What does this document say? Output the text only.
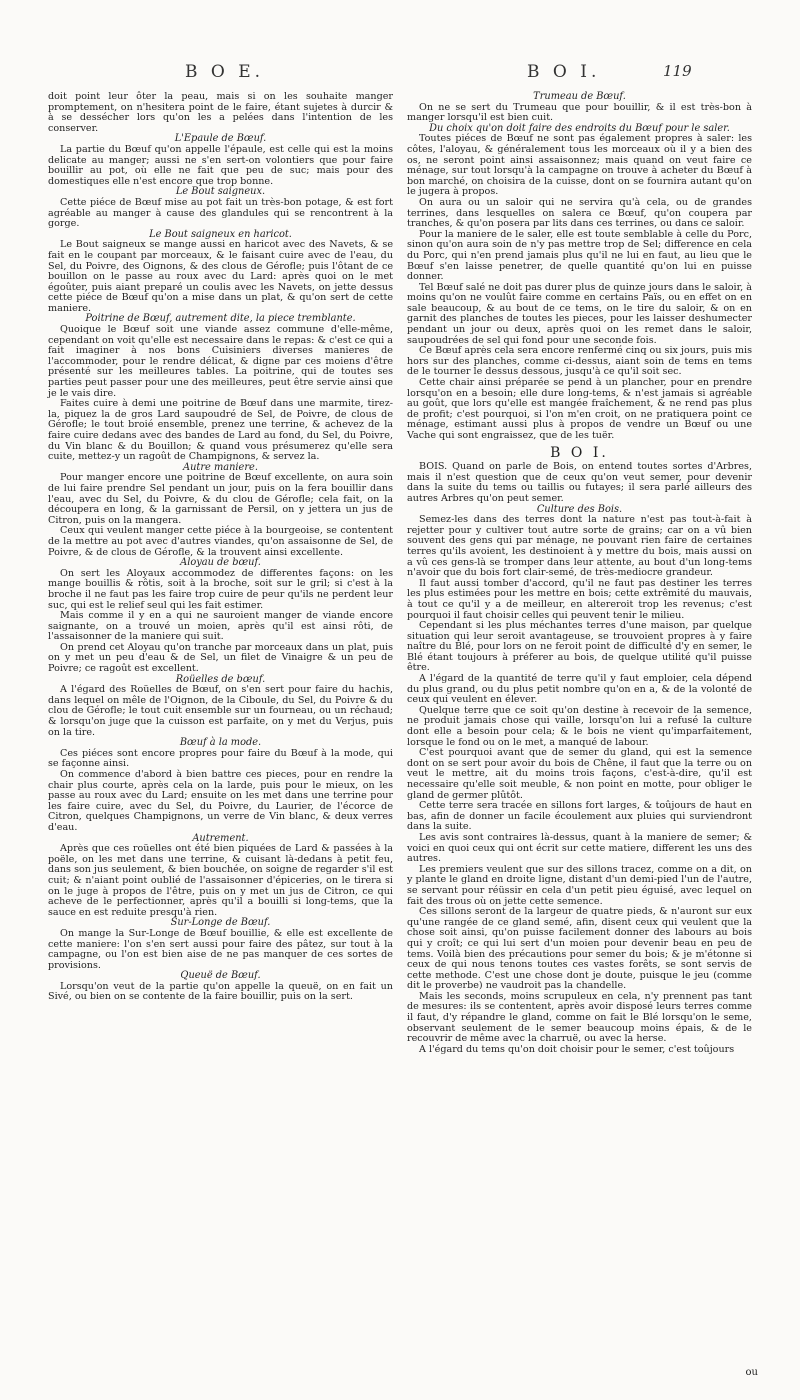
B O E.	B O I.	119

doit point leur ôter la peau, mais si on les souhaite manger promptement, on n'hesitera point de le faire, étant sujetes à durcir & à se dessécher lors qu'on les a pelées dans l'intention de les conserver.

L'Epaule de Bœuf.

La partie du Bœuf qu'on appelle l'épaule, est celle qui est la moins delicate au manger; aussi ne s'en sert-on volontiers que pour faire bouillir au pot, où elle ne fait que peu de suc; mais pour des domestiques elle n'est encore que trop bonne.

Le Bout saigneux.

Cette piéce de Bœuf mise au pot fait un très-bon potage, & est fort agréable au manger à cause des glandules qui se rencontrent à la gorge.

Le Bout saigneux en haricot.

Le Bout saigneux se mange aussi en haricot avec des Navets, & se fait en le coupant par morceaux, & le faisant cuire avec de l'eau, du Sel, du Poivre, des Oignons, & des clous de Gérofle; puis l'ôtant de ce bouillon on le passe au roux avec du Lard: après quoi on le met égoûter, puis aiant preparé un coulis avec les Navets, on jette dessus cette piéce de Bœuf qu'on a mise dans un plat, & qu'on sert de cette maniere.

Poitrine de Bœuf, autrement dite, la piece tremblante.

Quoique le Bœuf soit une viande assez commune d'elle-même, cependant on voit qu'elle est necessaire dans le repas: & c'est ce qui a fait imaginer à nos bons Cuisiniers diverses manieres de l'accommoder, pour le rendre délicat, & digne par ces moiens d'être présenté sur les meilleures tables. La poitrine, qui de toutes ses parties peut passer pour une des meilleures, peut être servie ainsi que je le vais dire.

Faites cuire à demi une poitrine de Bœuf dans une marmite, tirez-la, piquez la de gros Lard saupoudré de Sel, de Poivre, de clous de Gérofle; le tout broié ensemble, prenez une terrine, & achevez de la faire cuire dedans avec des bandes de Lard au fond, du Sel, du Poivre, du Vin blanc & du Bouillon; & quand vous présumerez qu'elle sera cuite, mettez-y un ragoût de Champignons, & servez la.

Autre maniere.

Pour manger encore une poitrine de Bœuf excellente, on aura soin de lui faire prendre Sel pendant un jour, puis on la fera bouillir dans l'eau, avec du Sel, du Poivre, & du clou de Gérofle; cela fait, on la découpera en long, & la garnissant de Persil, on y jettera un jus de Citron, puis on la mangera.

Ceux qui veulent manger cette piéce à la bourgeoise, se contentent de la mettre au pot avec d'autres viandes, qu'on assaisonne de Sel, de Poivre, & de clous de Gérofle, & la trouvent ainsi excellente.

Aloyau de bœuf.

On sert les Aloyaux accommodez de differentes façons: on les mange bouillis & rôtis, soit à la broche, soit sur le gril; si c'est à la broche il ne faut pas les faire trop cuire de peur qu'ils ne perdent leur suc, qui est le relief seul qui les fait estimer.

Mais comme il y en a qui ne sauroient manger de viande encore saignante, on a trouvé un moien, après qu'il est ainsi rôti, de l'assaisonner de la maniere qui suit.

On prend cet Aloyau qu'on tranche par morceaux dans un plat, puis on y met un peu d'eau & de Sel, un filet de Vinaigre & un peu de Poivre; ce ragoût est excellent.

Roüelles de bœuf.

A l'égard des Roüelles de Bœuf, on s'en sert pour faire du hachis, dans lequel on mêle de l'Oignon, de la Ciboule, du Sel, du Poivre & du clou de Gérofle; le tout cuit ensemble sur un fourneau, ou un réchaud; & lorsqu'on juge que la cuisson est parfaite, on y met du Verjus, puis on la tire.

Bœuf à la mode.

Ces piéces sont encore propres pour faire du Bœuf à la mode, qui se façonne ainsi.

On commence d'abord à bien battre ces pieces, pour en rendre la chair plus courte, après cela on la larde, puis pour le mieux, on les passe au roux avec du Lard; ensuite on les met dans une terrine pour les faire cuire, avec du Sel, du Poivre, du Laurier, de l'écorce de Citron, quelques Champignons, un verre de Vin blanc, & deux verres d'eau.

Autrement.

Après que ces roüelles ont été bien piquées de Lard & passées à la poële, on les met dans une terrine, & cuisant là-dedans à petit feu, dans son jus seulement, & bien bouchée, on soigne de regarder s'il est cuit; & n'aiant point oublié de l'assaisonner d'épiceries, on le tirera si on le juge à propos de l'être, puis on y met un jus de Citron, ce qui acheve de le perfectionner, après qu'il a bouilli si long-tems, que la sauce en est reduite presqu'à rien.

Sur-Longe de Bœuf.

On mange la Sur-Longe de Bœuf bouillie, & elle est excellente de cette maniere: l'on s'en sert aussi pour faire des pâtez, sur tout à la campagne, ou l'on est bien aise de ne pas manquer de ces sortes de provisions.

Queuë de Bœuf.

Lorsqu'on veut de la partie qu'on appelle la queuë, on en fait un Sivé, ou bien on se contente de la faire bouillir, puis on la sert.

Trumeau de Bœuf.

On ne se sert du Trumeau que pour bouillir, & il est très-bon à manger lorsqu'il est bien cuit.

Du choix qu'on doit faire des endroits du Bœuf pour le saler.

Toutes piéces de Bœuf ne sont pas également propres à saler: les côtes, l'aloyau, & généralement tous les morceaux où il y a bien des os, ne seront point ainsi assaisonnez; mais quand on veut faire ce ménage, sur tout lorsqu'à la campagne on trouve à acheter du Bœuf à bon marché, on choisira de la cuisse, dont on se fournira autant qu'on le jugera à propos.

On aura ou un saloir qui ne servira qu'à cela, ou de grandes terrines, dans lesquelles on salera ce Bœuf, qu'on coupera par tranches, & qu'on posera par lits dans ces terrines, ou dans ce saloir.

Pour la maniere de le saler, elle est toute semblable à celle du Porc, sinon qu'on aura soin de n'y pas mettre trop de Sel; difference en cela du Porc, qui n'en prend jamais plus qu'il ne lui en faut, au lieu que le Bœuf s'en laisse penetrer, de quelle quantité qu'on lui en puisse donner.

Tel Bœuf salé ne doit pas durer plus de quinze jours dans le saloir, à moins qu'on ne voulût faire comme en certains Païs, ou en effet on en sale beaucoup, & au bout de ce tems, on le tire du saloir, & on en garnit des planches de toutes les pieces, pour les laisser deshumecter pendant un jour ou deux, après quoi on les remet dans le saloir, saupoudrées de sel qui fond pour une seconde fois.

Ce Bœuf après cela sera encore renfermé cinq ou six jours, puis mis hors sur des planches, comme ci-dessus, aiant soin de tems en tems de le tourner le dessus dessous, jusqu'à ce qu'il soit sec.

Cette chair ainsi préparée se pend à un plancher, pour en prendre lorsqu'on en a besoin; elle dure long-tems, & n'est jamais si agréable au goût, que lors qu'elle est mangée fraîchement, & ne rend pas plus de profit; c'est pourquoi, si l'on m'en croit, on ne pratiquera point ce ménage, estimant aussi plus à propos de vendre un Bœuf ou une Vache qui sont engraissez, que de les tuër.

B O I.

BOIS. Quand on parle de Bois, on entend toutes sortes d'Arbres, mais il n'est question que de ceux qu'on veut semer, pour devenir dans la suite du tems ou taillis ou futayes; il sera parlé ailleurs des autres Arbres qu'on peut semer.

Culture des Bois.

Semez-les dans des terres dont la nature n'est pas tout-à-fait à rejetter pour y cultiver tout autre sorte de grains; car on a vû bien souvent des gens qui par ménage, ne pouvant rien faire de certaines terres qu'ils avoient, les destinoient à y mettre du bois, mais aussi on a vû ces gens-là se tromper dans leur attente, au bout d'un long-tems n'avoir que du bois fort clair-semé, de très-mediocre grandeur.

Il faut aussi tomber d'accord, qu'il ne faut pas destiner les terres les plus estimées pour les mettre en bois; cette extrêmité du mauvais, à tout ce qu'il y a de meilleur, en altereroit trop les revenus; c'est pourquoi il faut choisir celles qui peuvent tenir le milieu.

Cependant si les plus méchantes terres d'une maison, par quelque situation qui leur seroit avantageuse, se trouvoient propres à y faire naître du Blé, pour lors on ne feroit point de difficulté d'y en semer, le Blé étant toujours à préferer au bois, de quelque utilité qu'il puisse être.

A l'égard de la quantité de terre qu'il y faut emploier, cela dépend du plus grand, ou du plus petit nombre qu'on en a, & de la volonté de ceux qui veulent en élever.

Quelque terre que ce soit qu'on destine à recevoir de la semence, ne produit jamais chose qui vaille, lorsqu'on lui a refusé la culture dont elle a besoin pour cela; & le bois ne vient qu'imparfaitement, lorsque le fond ou on le met, a manqué de labour.

C'est pourquoi avant que de semer du gland, qui est la semence dont on se sert pour avoir du bois de Chêne, il faut que la terre ou on veut le mettre, ait du moins trois façons, c'est-à-dire, qu'il est necessaire qu'elle soit meuble, & non point en motte, pour obliger le gland de germer plûtôt.

Cette terre sera tracée en sillons fort larges, & toûjours de haut en bas, afin de donner un facile écoulement aux pluies qui surviendront dans la suite.

Les avis sont contraires là-dessus, quant à la maniere de semer; & voici en quoi ceux qui ont écrit sur cette matiere, different les uns des autres.

Les premiers veulent que sur des sillons tracez, comme on a dit, on y plante le gland en droite ligne, distant d'un demi-pied l'un de l'autre, se servant pour réüssir en cela d'un petit pieu éguisé, avec lequel on fait des trous où on jette cette semence.

Ces sillons seront de la largeur de quatre pieds, & n'auront sur eux qu'une rangée de ce gland semé, afin, disent ceux qui veulent que la chose soit ainsi, qu'on puisse facilement donner des labours au bois qui y croît; ce qui lui sert d'un moien pour devenir beau en peu de tems. Voilà bien des précautions pour semer du bois; & je m'étonne si ceux de qui nous tenons toutes ces vastes forêts, se sont servis de cette methode. C'est une chose dont je doute, puisque le jeu (comme dit le proverbe) ne vaudroit pas la chandelle.

Mais les seconds, moins scrupuleux en cela, n'y prennent pas tant de mesures: ils se contentent, après avoir disposé leurs terres comme il faut, d'y répandre le gland, comme on fait le Blé lorsqu'on le seme, observant seulement de le semer beaucoup moins épais, & de le recouvrir de même avec la charruë, ou avec la herse.

A l'égard du tems qu'on doit choisir pour le semer, c'est toûjours

ou
